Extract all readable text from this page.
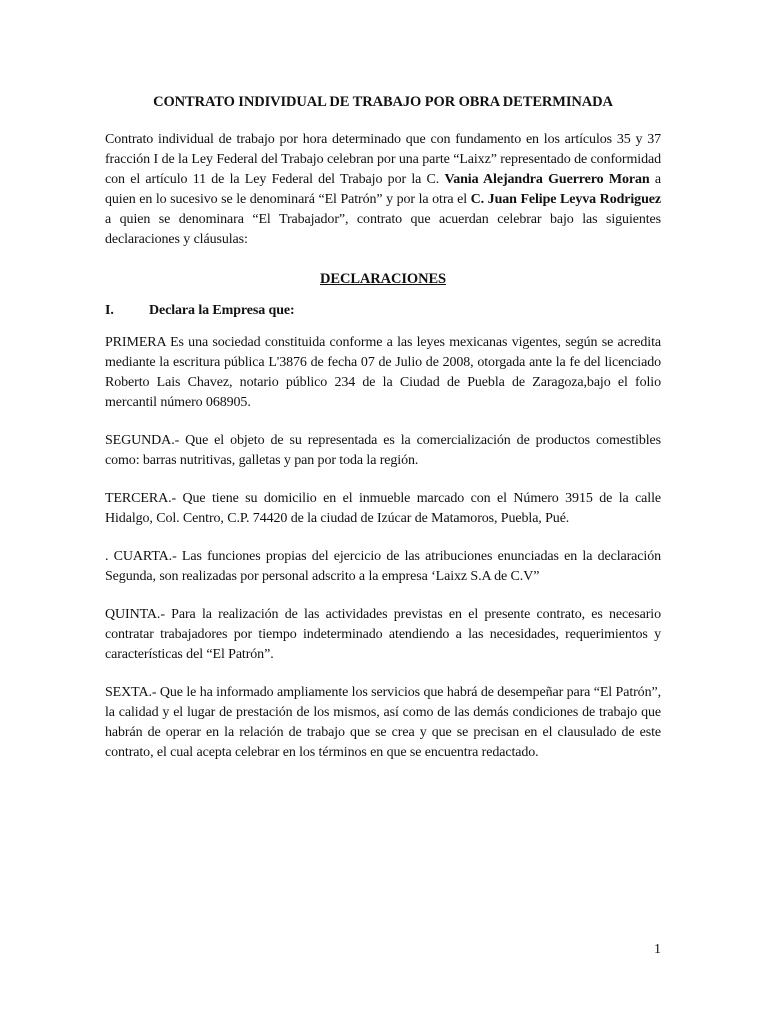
CONTRATO INDIVIDUAL DE TRABAJO POR OBRA DETERMINADA

Contrato individual de trabajo por hora determinado que con fundamento en los artículos 35 y 37 fracción I de la Ley Federal del Trabajo celebran por una parte “Laixz” representado de conformidad con el artículo 11 de la Ley Federal del Trabajo por la C. Vania Alejandra Guerrero Moran a quien en lo sucesivo se le denominará “El Patrón” y por la otra el C. Juan Felipe Leyva Rodriguez a quien se denominara “El Trabajador”, contrato que acuerdan celebrar bajo las siguientes declaraciones y cláusulas:

DECLARACIONES
I.	Declara la Empresa que:

PRIMERA Es una sociedad constituida conforme a las leyes mexicanas vigentes, según se acredita mediante la escritura pública L'3876 de fecha 07 de Julio de 2008, otorgada ante la fe del licenciado Roberto Lais Chavez, notario público 234 de la Ciudad de Puebla de Zaragoza,bajo el folio mercantil número 068905.

SEGUNDA.- Que el objeto de su representada es la comercialización de productos comestibles como: barras nutritivas, galletas y pan por toda la región.

TERCERA.- Que tiene su domicilio en el inmueble marcado con el Número 3915 de la calle Hidalgo, Col. Centro, C.P. 74420 de la ciudad de Izúcar de Matamoros, Puebla, Pué.

. CUARTA.- Las funciones propias del ejercicio de las atribuciones enunciadas en la declaración Segunda, son realizadas por personal adscrito a la empresa ‘Laixz S.A de C.V”

QUINTA.- Para la realización de las actividades previstas en el presente contrato, es necesario contratar trabajadores por tiempo indeterminado atendiendo a las necesidades, requerimientos y características del “El Patrón”.

SEXTA.- Que le ha informado ampliamente los servicios que habrá de desempeñar para “El Patrón”, la calidad y el lugar de prestación de los mismos, así como de las demás condiciones de trabajo que habrán de operar en la relación de trabajo que se crea y que se precisan en el clausulado de este contrato, el cual acepta celebrar en los términos en que se encuentra redactado.

1
